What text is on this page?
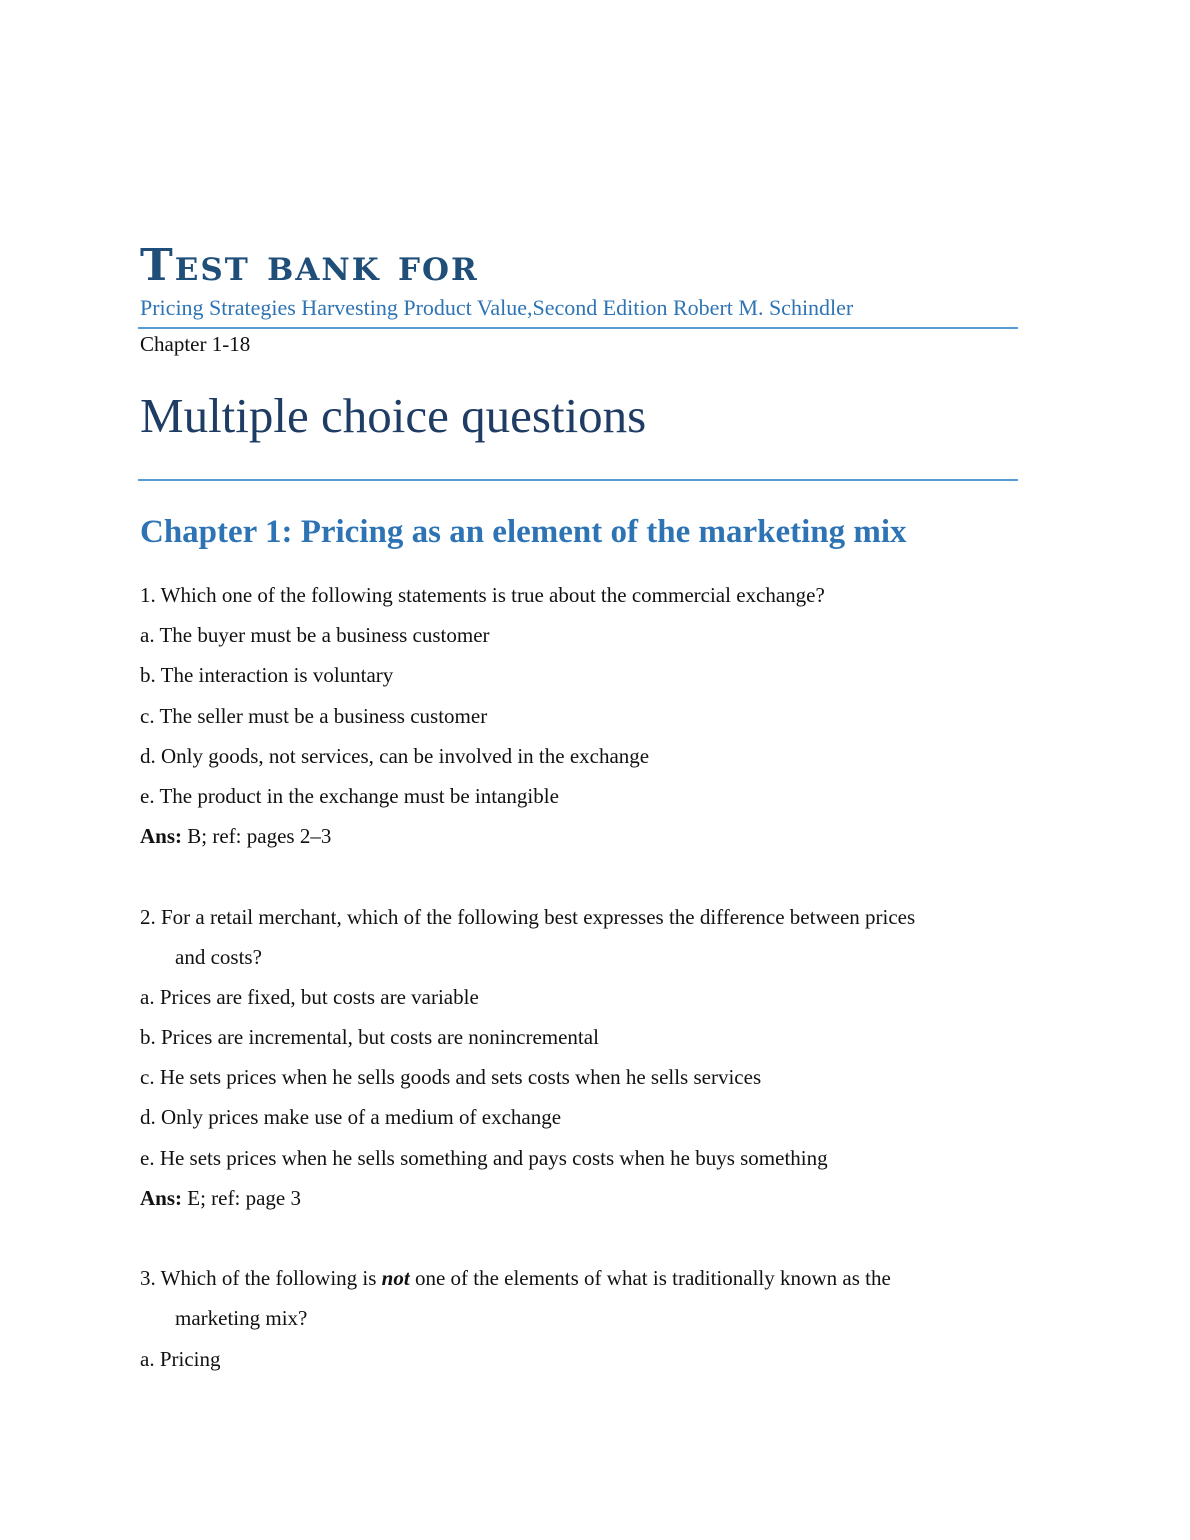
Test bank for
Pricing Strategies Harvesting Product Value,Second Edition Robert M. Schindler
Chapter 1-18
Multiple choice questions
Chapter 1: Pricing as an element of the marketing mix
1. Which one of the following statements is true about the commercial exchange?
a. The buyer must be a business customer
b. The interaction is voluntary
c. The seller must be a business customer
d. Only goods, not services, can be involved in the exchange
e. The product in the exchange must be intangible
Ans: B; ref: pages 2–3
2. For a retail merchant, which of the following best expresses the difference between prices
and costs?
a. Prices are fixed, but costs are variable
b. Prices are incremental, but costs are nonincremental
c. He sets prices when he sells goods and sets costs when he sells services
d. Only prices make use of a medium of exchange
e. He sets prices when he sells something and pays costs when he buys something
Ans: E; ref: page 3
3. Which of the following is not one of the elements of what is traditionally known as the
marketing mix?
a. Pricing
